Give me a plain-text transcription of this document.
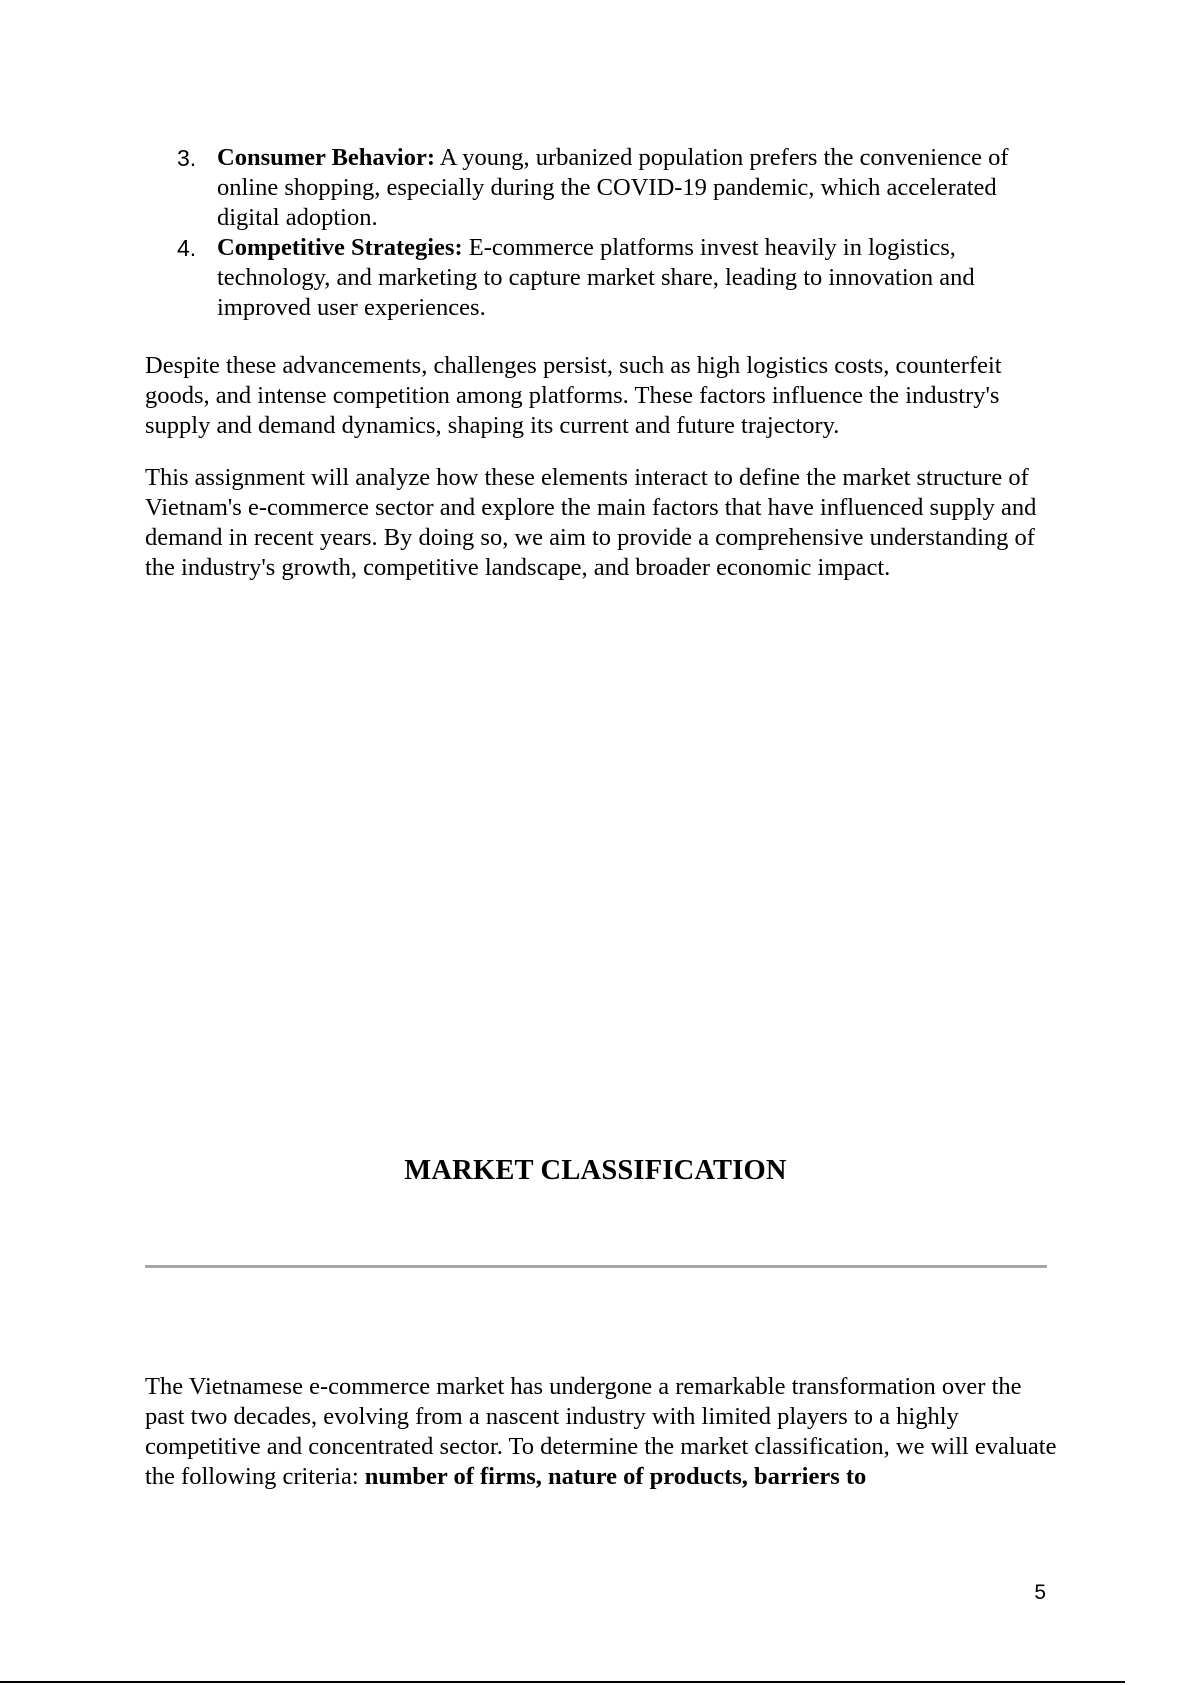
3. Consumer Behavior: A young, urbanized population prefers the convenience of online shopping, especially during the COVID-19 pandemic, which accelerated digital adoption.
4. Competitive Strategies: E-commerce platforms invest heavily in logistics, technology, and marketing to capture market share, leading to innovation and improved user experiences.

Despite these advancements, challenges persist, such as high logistics costs, counterfeit goods, and intense competition among platforms. These factors influence the industry's supply and demand dynamics, shaping its current and future trajectory.

This assignment will analyze how these elements interact to define the market structure of Vietnam's e-commerce sector and explore the main factors that have influenced supply and demand in recent years. By doing so, we aim to provide a comprehensive understanding of the industry's growth, competitive landscape, and broader economic impact.

MARKET CLASSIFICATION

The Vietnamese e-commerce market has undergone a remarkable transformation over the past two decades, evolving from a nascent industry with limited players to a highly competitive and concentrated sector. To determine the market classification, we will evaluate the following criteria: number of firms, nature of products, barriers to

5
